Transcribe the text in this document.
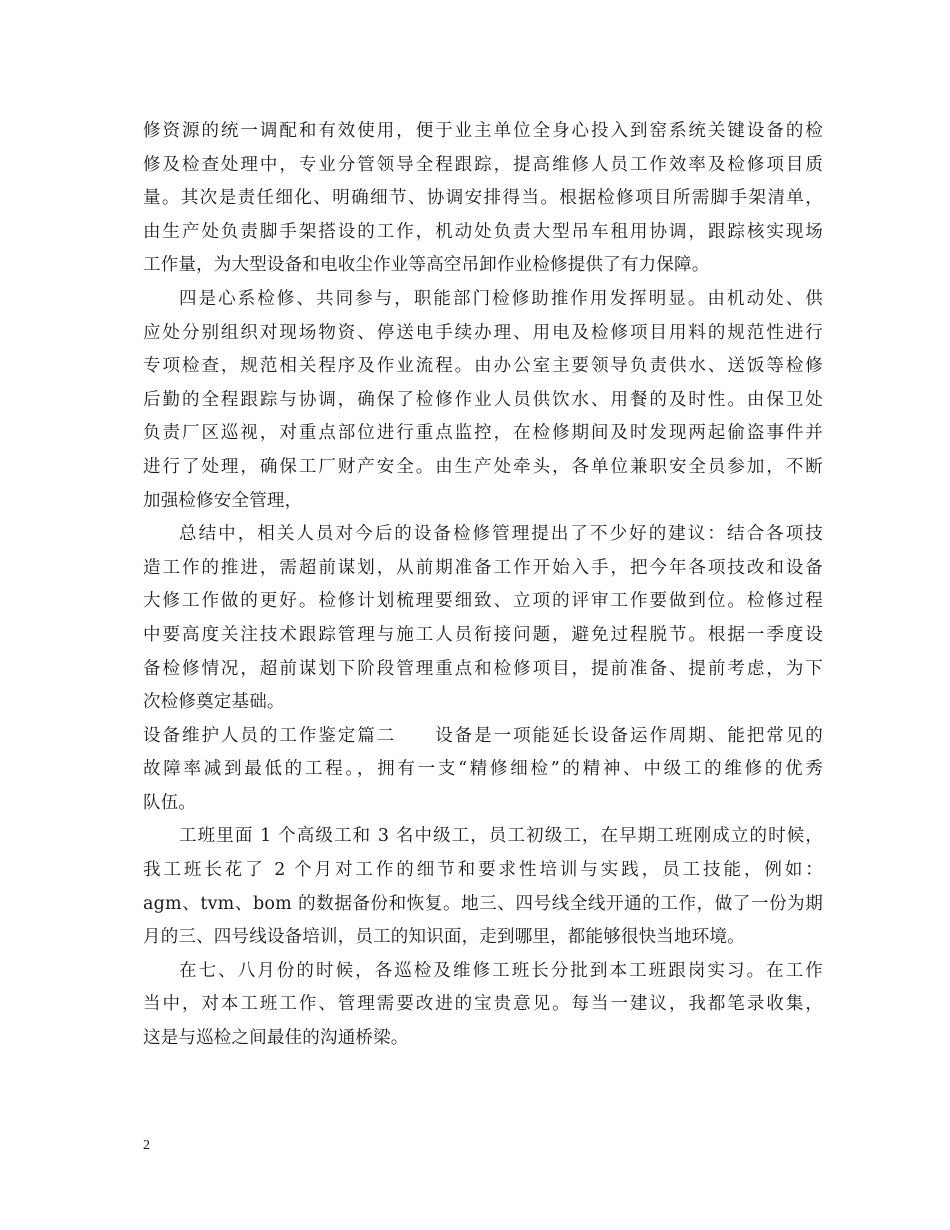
修资源的统一调配和有效使用，便于业主单位全身心投入到窑系统关键设备的检
修及检查处理中，专业分管领导全程跟踪，提高维修人员工作效率及检修项目质
量。其次是责任细化、明确细节、协调安排得当。根据检修项目所需脚手架清单，
由生产处负责脚手架搭设的工作，机动处负责大型吊车租用协调，跟踪核实现场
工作量，为大型设备和电收尘作业等高空吊卸作业检修提供了有力保障。
四是心系检修、共同参与，职能部门检修助推作用发挥明显。由机动处、供
应处分别组织对现场物资、停送电手续办理、用电及检修项目用料的规范性进行
专项检查，规范相关程序及作业流程。由办公室主要领导负责供水、送饭等检修
后勤的全程跟踪与协调，确保了检修作业人员供饮水、用餐的及时性。由保卫处
负责厂区巡视，对重点部位进行重点监控，在检修期间及时发现两起偷盗事件并
进行了处理，确保工厂财产安全。由生产处牵头，各单位兼职安全员参加，不断
加强检修安全管理，
总结中，相关人员对今后的设备检修管理提出了不少好的建议：结合各项技
造工作的推进，需超前谋划，从前期准备工作开始入手，把今年各项技改和设备
大修工作做的更好。检修计划梳理要细致、立项的评审工作要做到位。检修过程
中要高度关注技术跟踪管理与施工人员衔接问题，避免过程脱节。根据一季度设
备检修情况，超前谋划下阶段管理重点和检修项目，提前准备、提前考虑，为下
次检修奠定基础。
设备维护人员的工作鉴定篇二　　设备是一项能延长设备运作周期、能把常见的
故障率减到最低的工程。，拥有一支“精修细检”的精神、中级工的维修的优秀
队伍。
工班里面 1 个高级工和 3 名中级工，员工初级工，在早期工班刚成立的时候，
我工班长花了 2 个月对工作的细节和要求性培训与实践，员工技能，例如：
agm、tvm、bom 的数据备份和恢复。地三、四号线全线开通的工作，做了一份为期
月的三、四号线设备培训，员工的知识面，走到哪里，都能够很快当地环境。
在七、八月份的时候，各巡检及维修工班长分批到本工班跟岗实习。在工作
当中，对本工班工作、管理需要改进的宝贵意见。每当一建议，我都笔录收集，
这是与巡检之间最佳的沟通桥梁。
2
